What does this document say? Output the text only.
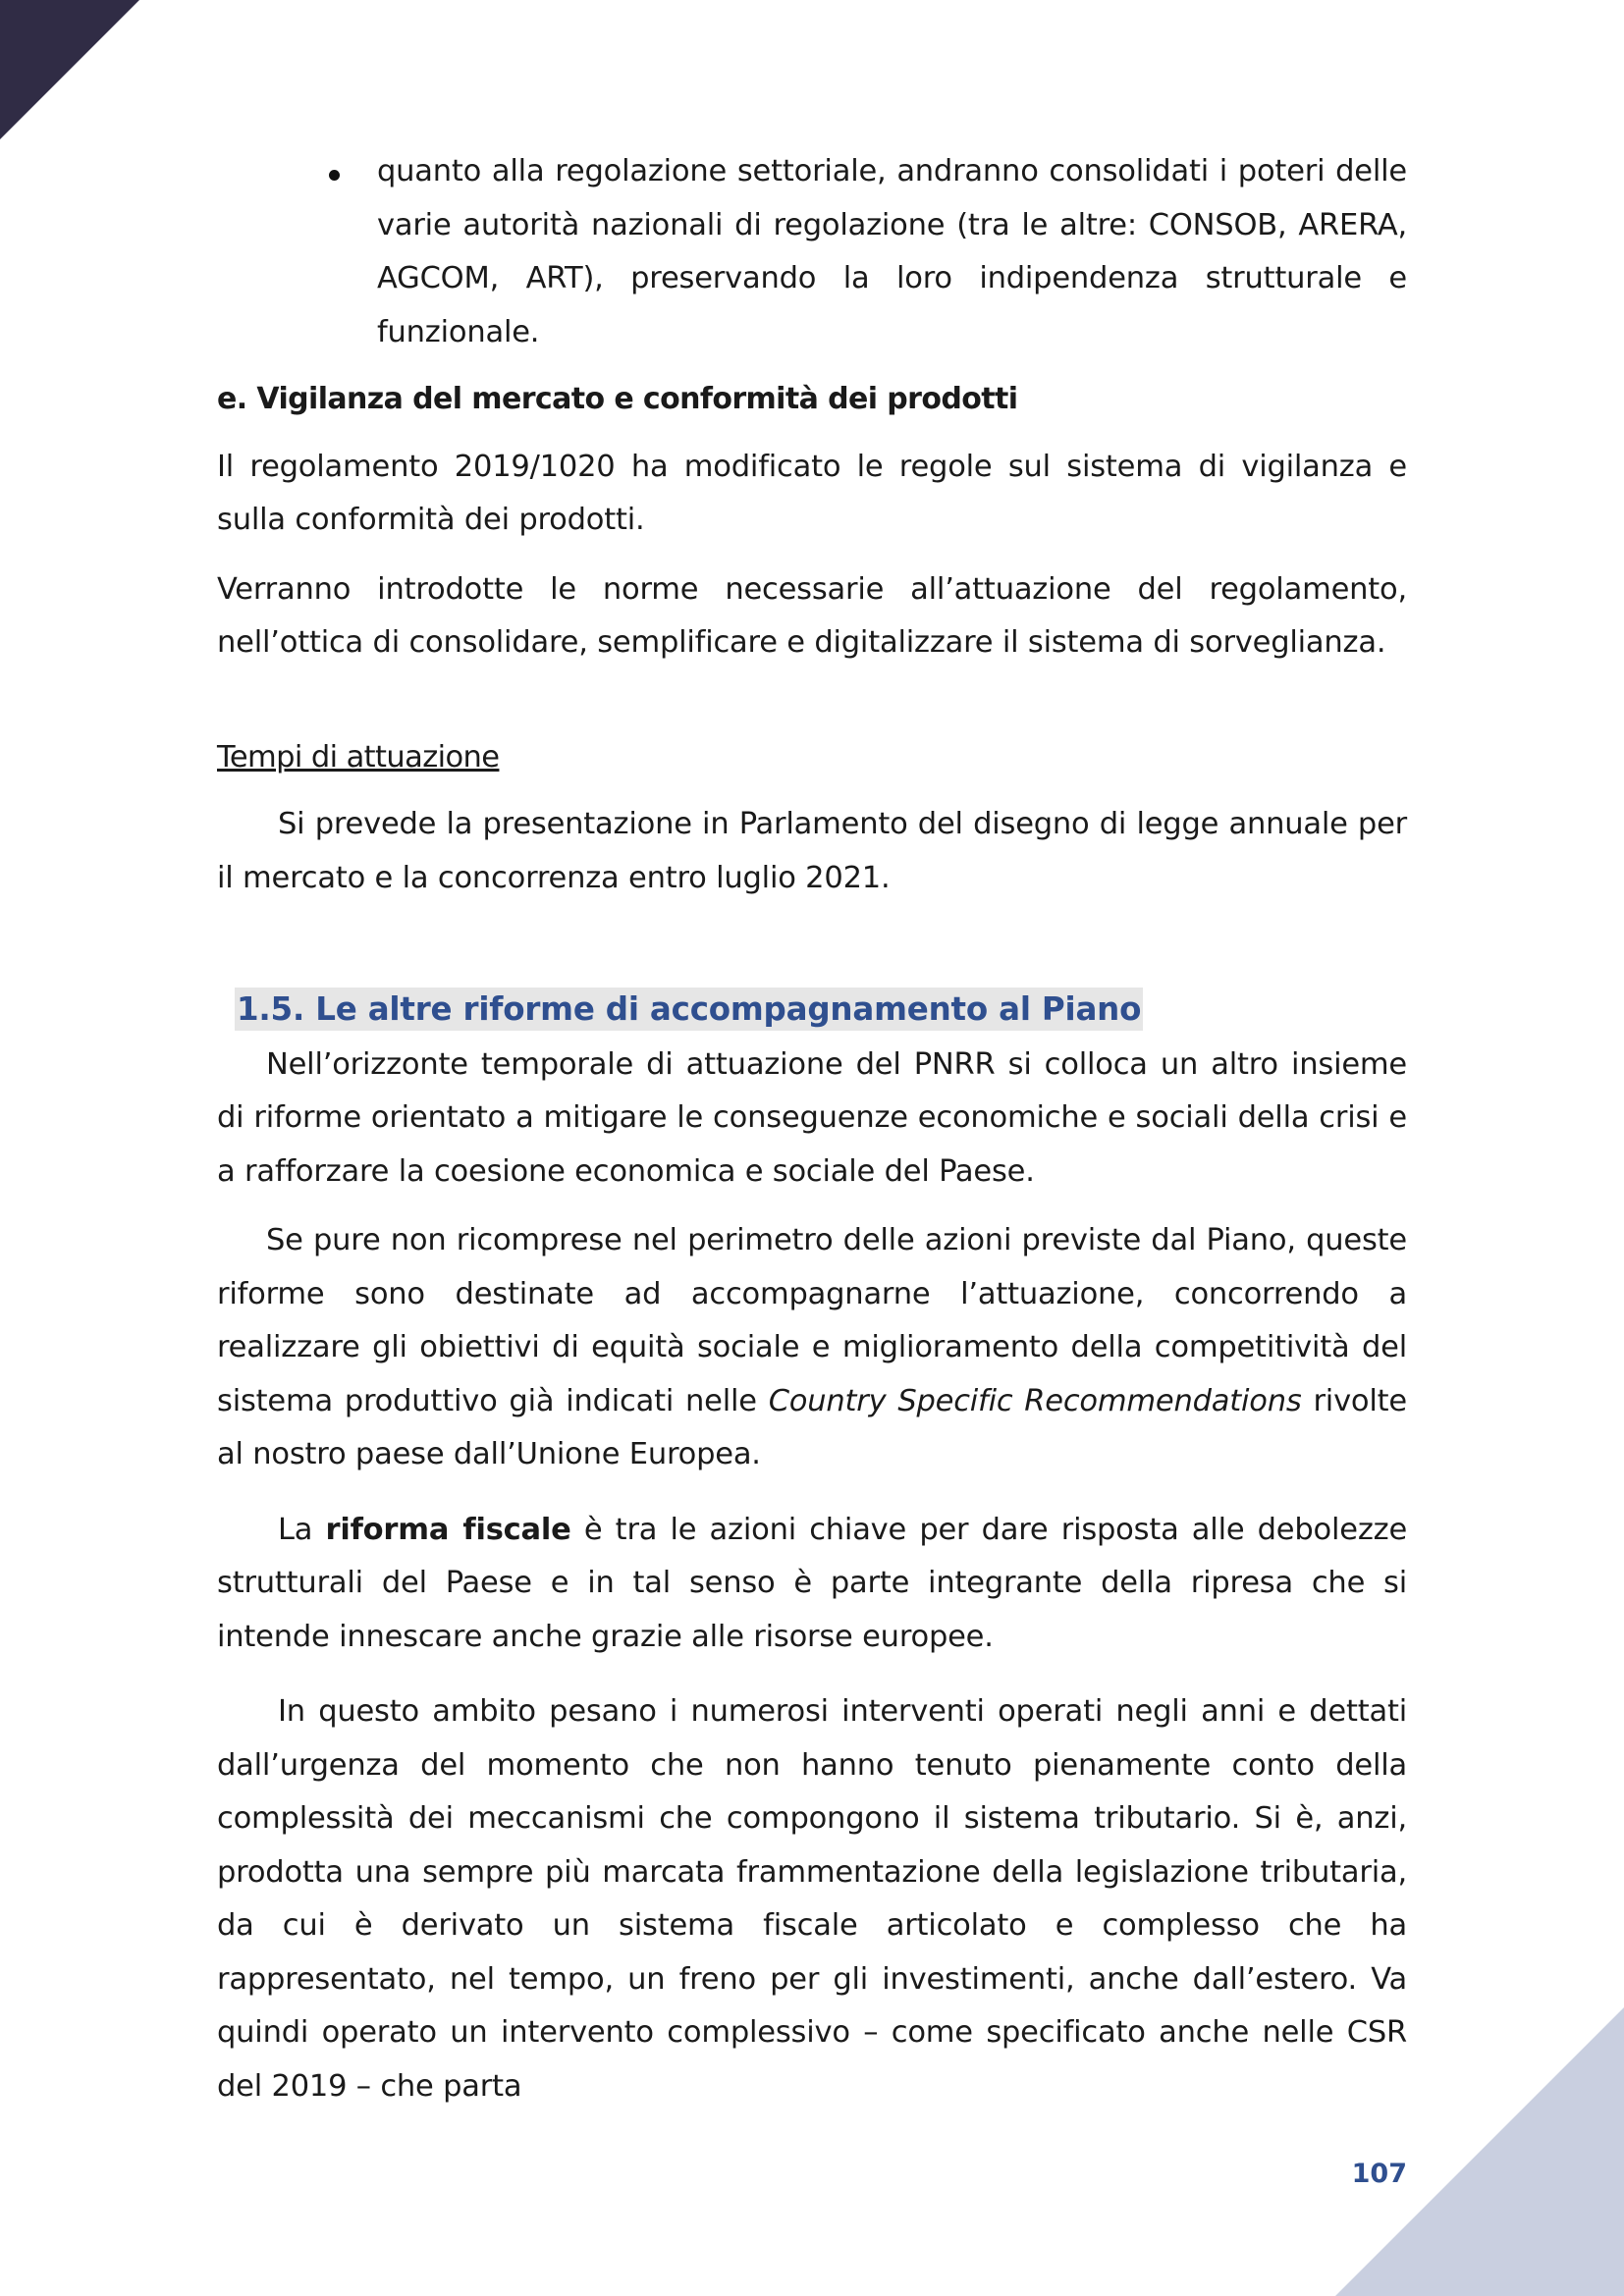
quanto alla regolazione settoriale, andranno consolidati i poteri delle varie autorità nazionali di regolazione (tra le altre: CONSOB, ARERA, AGCOM, ART), preservando la loro indipendenza strutturale e funzionale.

e. Vigilanza del mercato e conformità dei prodotti

Il regolamento 2019/1020 ha modificato le regole sul sistema di vigilanza e sulla conformità dei prodotti.

Verranno introdotte le norme necessarie all’attuazione del regolamento, nell’ottica di consolidare, semplificare e digitalizzare il sistema di sorveglianza.

Tempi di attuazione

Si prevede la presentazione in Parlamento del disegno di legge annuale per il mercato e la concorrenza entro luglio 2021.

1.5. Le altre riforme di accompagnamento al Piano

Nell’orizzonte temporale di attuazione del PNRR si colloca un altro insieme di riforme orientato a mitigare le conseguenze economiche e sociali della crisi e a rafforzare la coesione economica e sociale del Paese.

Se pure non ricomprese nel perimetro delle azioni previste dal Piano, queste riforme sono destinate ad accompagnarne l’attuazione, concorrendo a realizzare gli obiettivi di equità sociale e miglioramento della competitività del sistema produttivo già indicati nelle Country Specific Recommendations rivolte al nostro paese dall’Unione Europea.

La riforma fiscale è tra le azioni chiave per dare risposta alle debolezze strutturali del Paese e in tal senso è parte integrante della ripresa che si intende innescare anche grazie alle risorse europee.

In questo ambito pesano i numerosi interventi operati negli anni e dettati dall’urgenza del momento che non hanno tenuto pienamente conto della complessità dei meccanismi che compongono il sistema tributario. Si è, anzi, prodotta una sempre più marcata frammentazione della legislazione tributaria, da cui è derivato un sistema fiscale articolato e complesso che ha rappresentato, nel tempo, un freno per gli investimenti, anche dall’estero. Va quindi operato un intervento complessivo – come specificato anche nelle CSR del 2019 – che parta

107
